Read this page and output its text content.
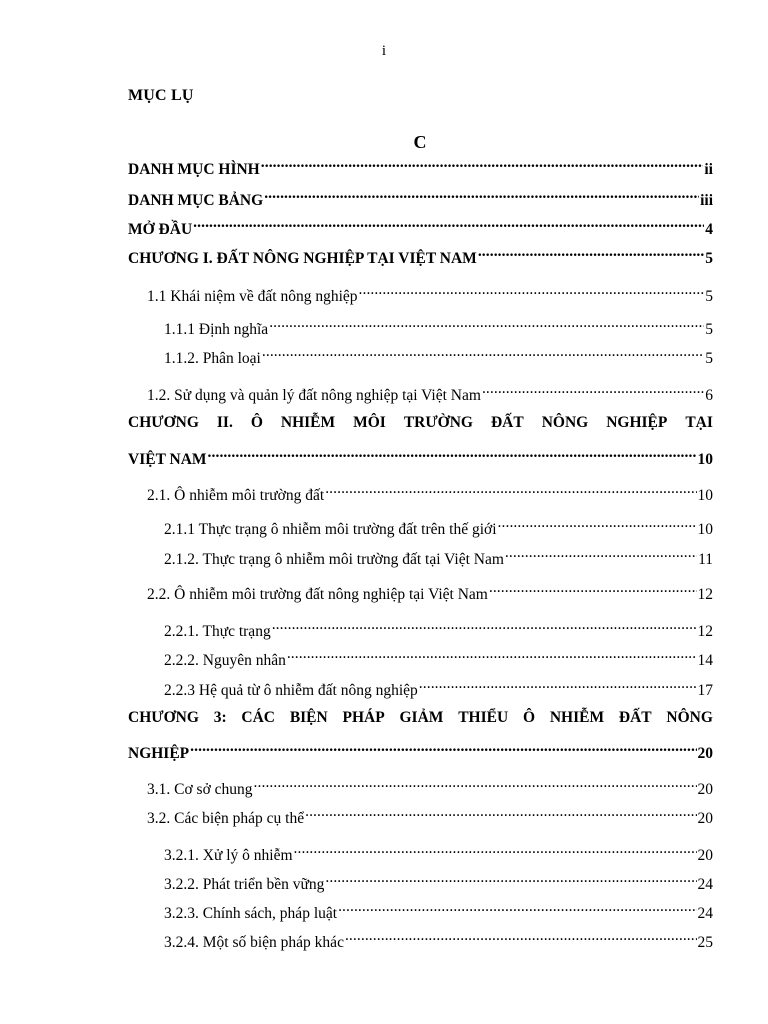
i
MỤC LỤ
C
DANH MỤC HÌNH .....	ii
DANH MỤC BẢNG .....	iii
MỞ ĐẦU .....	4
CHƯƠNG I. ĐẤT NÔNG NGHIỆP TẠI VIỆT NAM .....	5
1.1 Khái niệm về đất nông nghiệp .....	5
1.1.1 Định nghĩa .....	5
1.1.2. Phân loại .....	5
1.2. Sử dụng và quản lý đất nông nghiệp tại Việt Nam .....	6
CHƯƠNG II. Ô NHIỄM MÔI TRƯỜNG ĐẤT NÔNG NGHIỆP TẠI
VIỆT NAM .....	10
2.1. Ô nhiễm môi trường đất .....	10
2.1.1 Thực trạng ô nhiễm môi trường đất trên thế giới .....	10
2.1.2. Thực trạng ô nhiễm môi trường đất tại Việt Nam .....	11
2.2. Ô nhiễm môi trường đất nông nghiệp tại Việt Nam .....	12
2.2.1. Thực trạng .....	12
2.2.2. Nguyên nhân .....	14
2.2.3 Hệ quả từ ô nhiễm đất nông nghiệp .....	17
CHƯƠNG 3: CÁC BIỆN PHÁP GIẢM THIỂU Ô NHIỄM ĐẤT NÔNG
NGHIỆP .....	20
3.1. Cơ sở chung .....	20
3.2. Các biện pháp cụ thể .....	20
3.2.1. Xử lý ô nhiễm .....	20
3.2.2. Phát triển bền vững .....	24
3.2.3. Chính sách, pháp luật .....	24
3.2.4. Một số biện pháp khác .....	25
